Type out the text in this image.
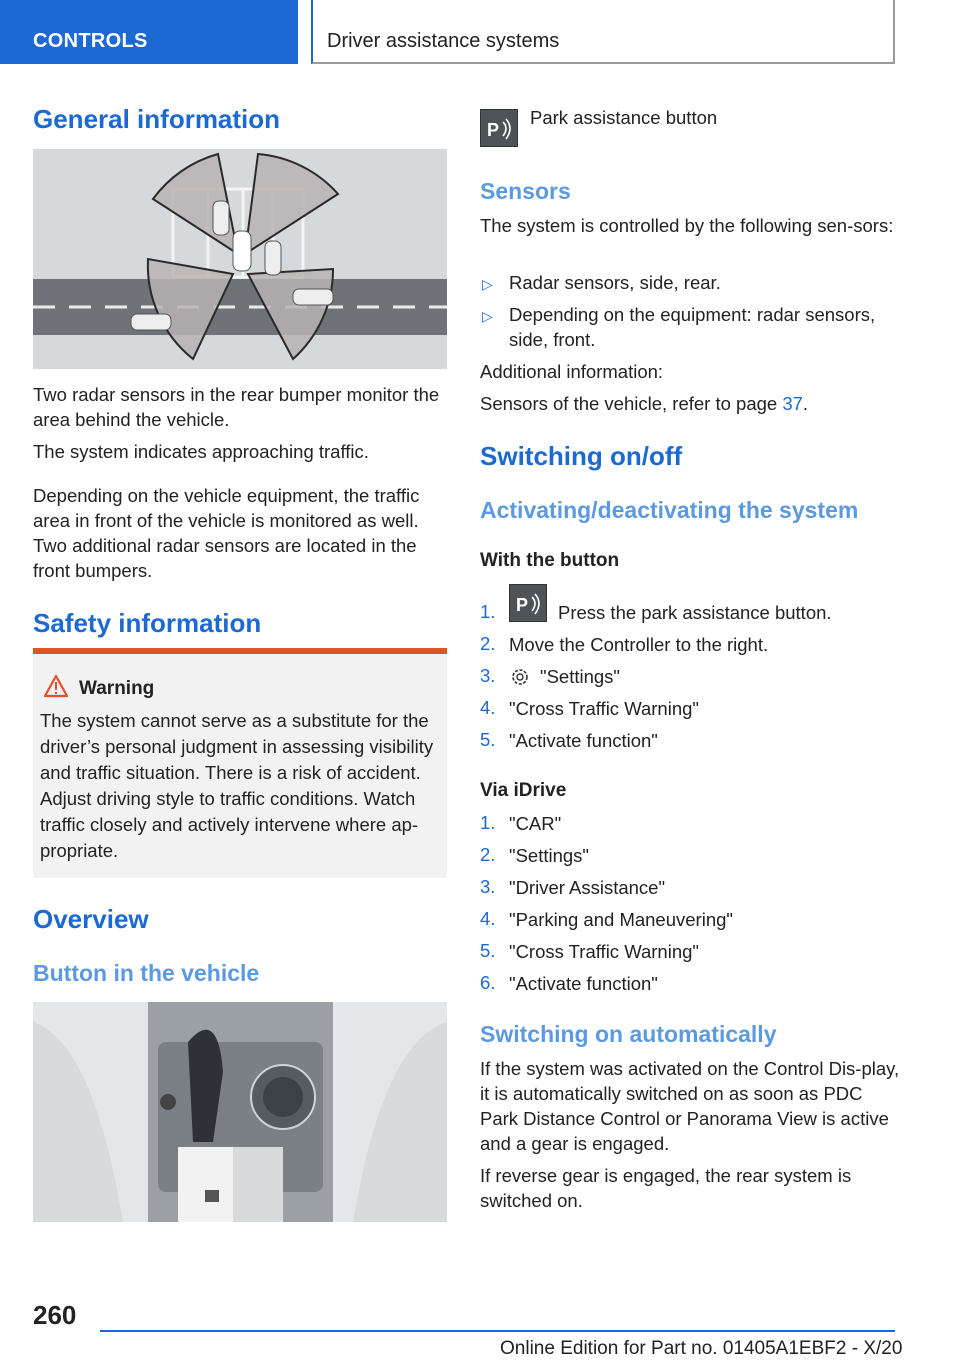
CONTROLS	Driver assistance systems
General information

Two radar sensors in the rear bumper monitor the area behind the vehicle.

The system indicates approaching traffic.

Depending on the vehicle equipment, the traffic area in front of the vehicle is monitored as well. Two additional radar sensors are located in the front bumpers.

Safety information
Warning
The system cannot serve as a substitute for the driver’s personal judgment in assessing visibility and traffic situation. There is a risk of accident. Adjust driving style to traffic conditions. Watch traffic closely and actively intervene where ap‐propriate.
Overview
Button in the vehicle
P
Park assistance button
Sensors

The system is controlled by the following sen‐sors:

▷ Radar sensors, side, rear.
▷ Depending on the equipment: radar sensors, side, front.

Additional information:
Sensors of the vehicle, refer to page 37.
Switching on/off
Activating/deactivating the system
With the button
1. P Press the park assistance button.
2. Move the Controller to the right.
3. "Settings"
4. "Cross Traffic Warning"
5. "Activate function"
Via iDrive
1. "CAR"
2. "Settings"
3. "Driver Assistance"
4. "Parking and Maneuvering"
5. "Cross Traffic Warning"
6. "Activate function"
Switching on automatically

If the system was activated on the Control Dis‐play, it is automatically switched on as soon as PDC Park Distance Control or Panorama View is active and a gear is engaged.

If reverse gear is engaged, the rear system is switched on.

260
Online Edition for Part no. 01405A1EBF2 - X/20
